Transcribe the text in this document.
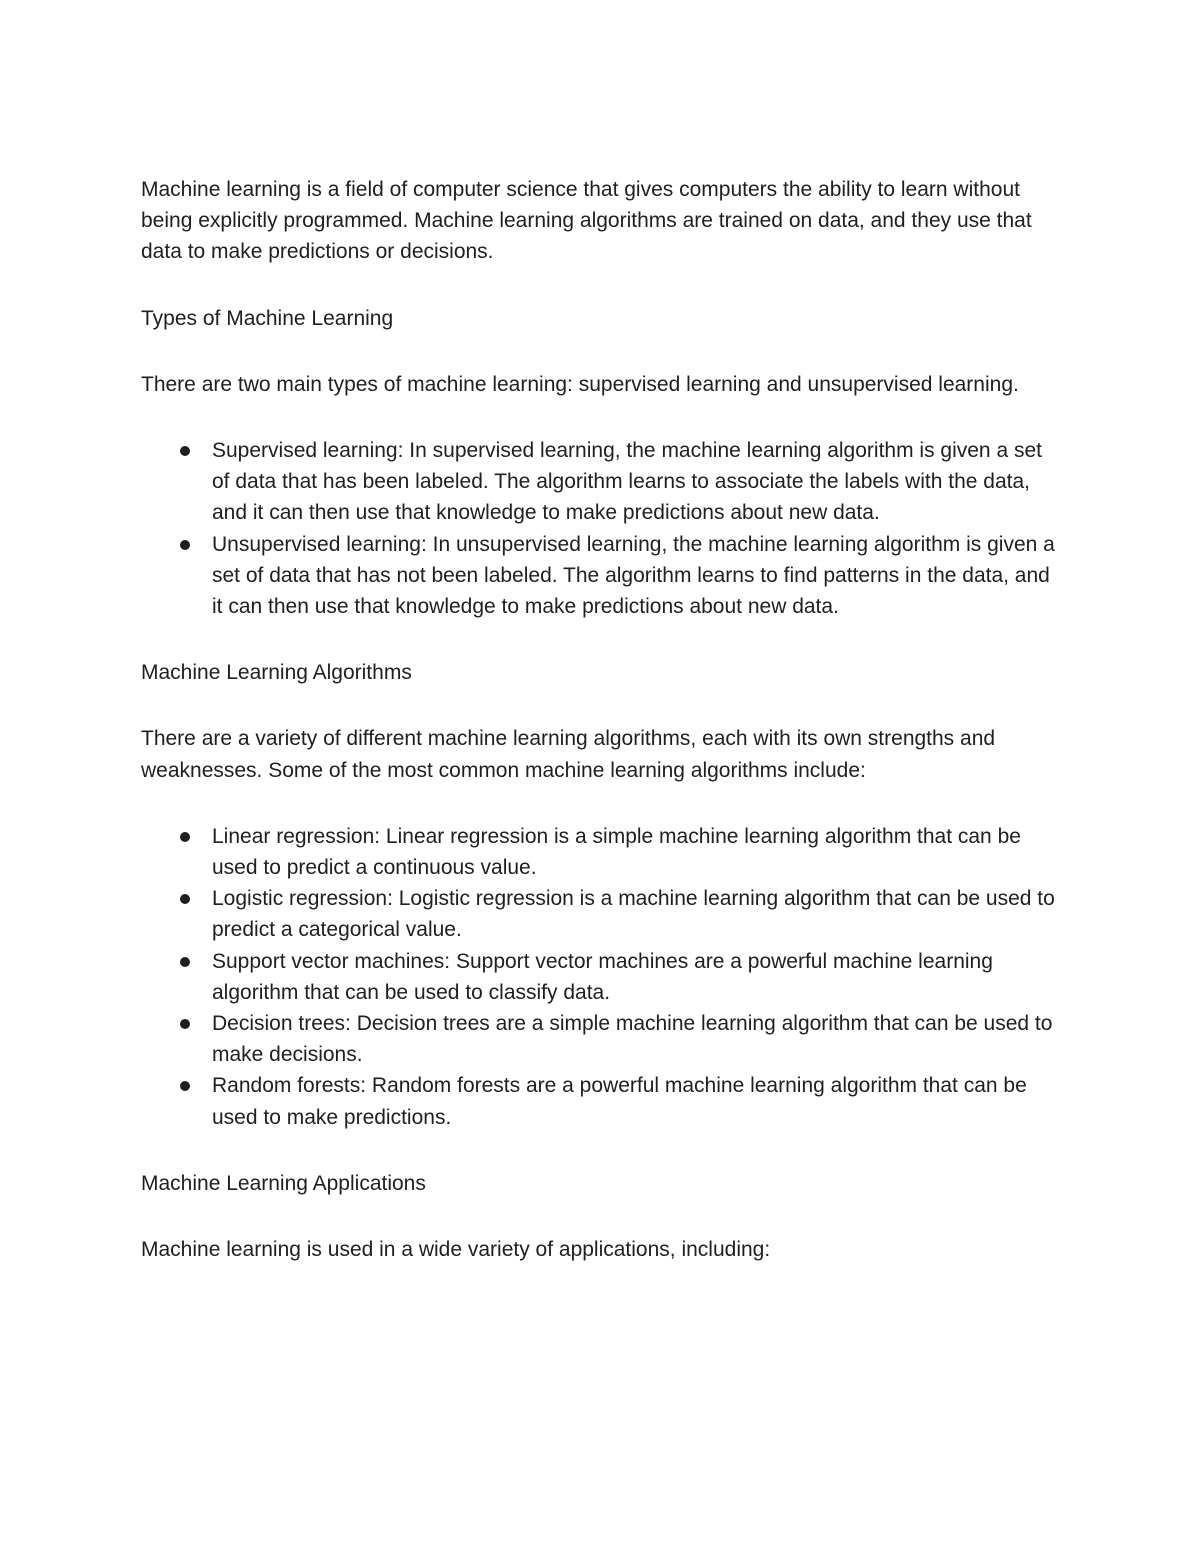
Machine learning is a field of computer science that gives computers the ability to learn without being explicitly programmed. Machine learning algorithms are trained on data, and they use that data to make predictions or decisions.

Types of Machine Learning

There are two main types of machine learning: supervised learning and unsupervised learning.

Supervised learning: In supervised learning, the machine learning algorithm is given a set of data that has been labeled. The algorithm learns to associate the labels with the data, and it can then use that knowledge to make predictions about new data.
Unsupervised learning: In unsupervised learning, the machine learning algorithm is given a set of data that has not been labeled. The algorithm learns to find patterns in the data, and it can then use that knowledge to make predictions about new data.

Machine Learning Algorithms

There are a variety of different machine learning algorithms, each with its own strengths and weaknesses. Some of the most common machine learning algorithms include:

Linear regression: Linear regression is a simple machine learning algorithm that can be used to predict a continuous value.
Logistic regression: Logistic regression is a machine learning algorithm that can be used to predict a categorical value.
Support vector machines: Support vector machines are a powerful machine learning algorithm that can be used to classify data.
Decision trees: Decision trees are a simple machine learning algorithm that can be used to make decisions.
Random forests: Random forests are a powerful machine learning algorithm that can be used to make predictions.

Machine Learning Applications

Machine learning is used in a wide variety of applications, including:
